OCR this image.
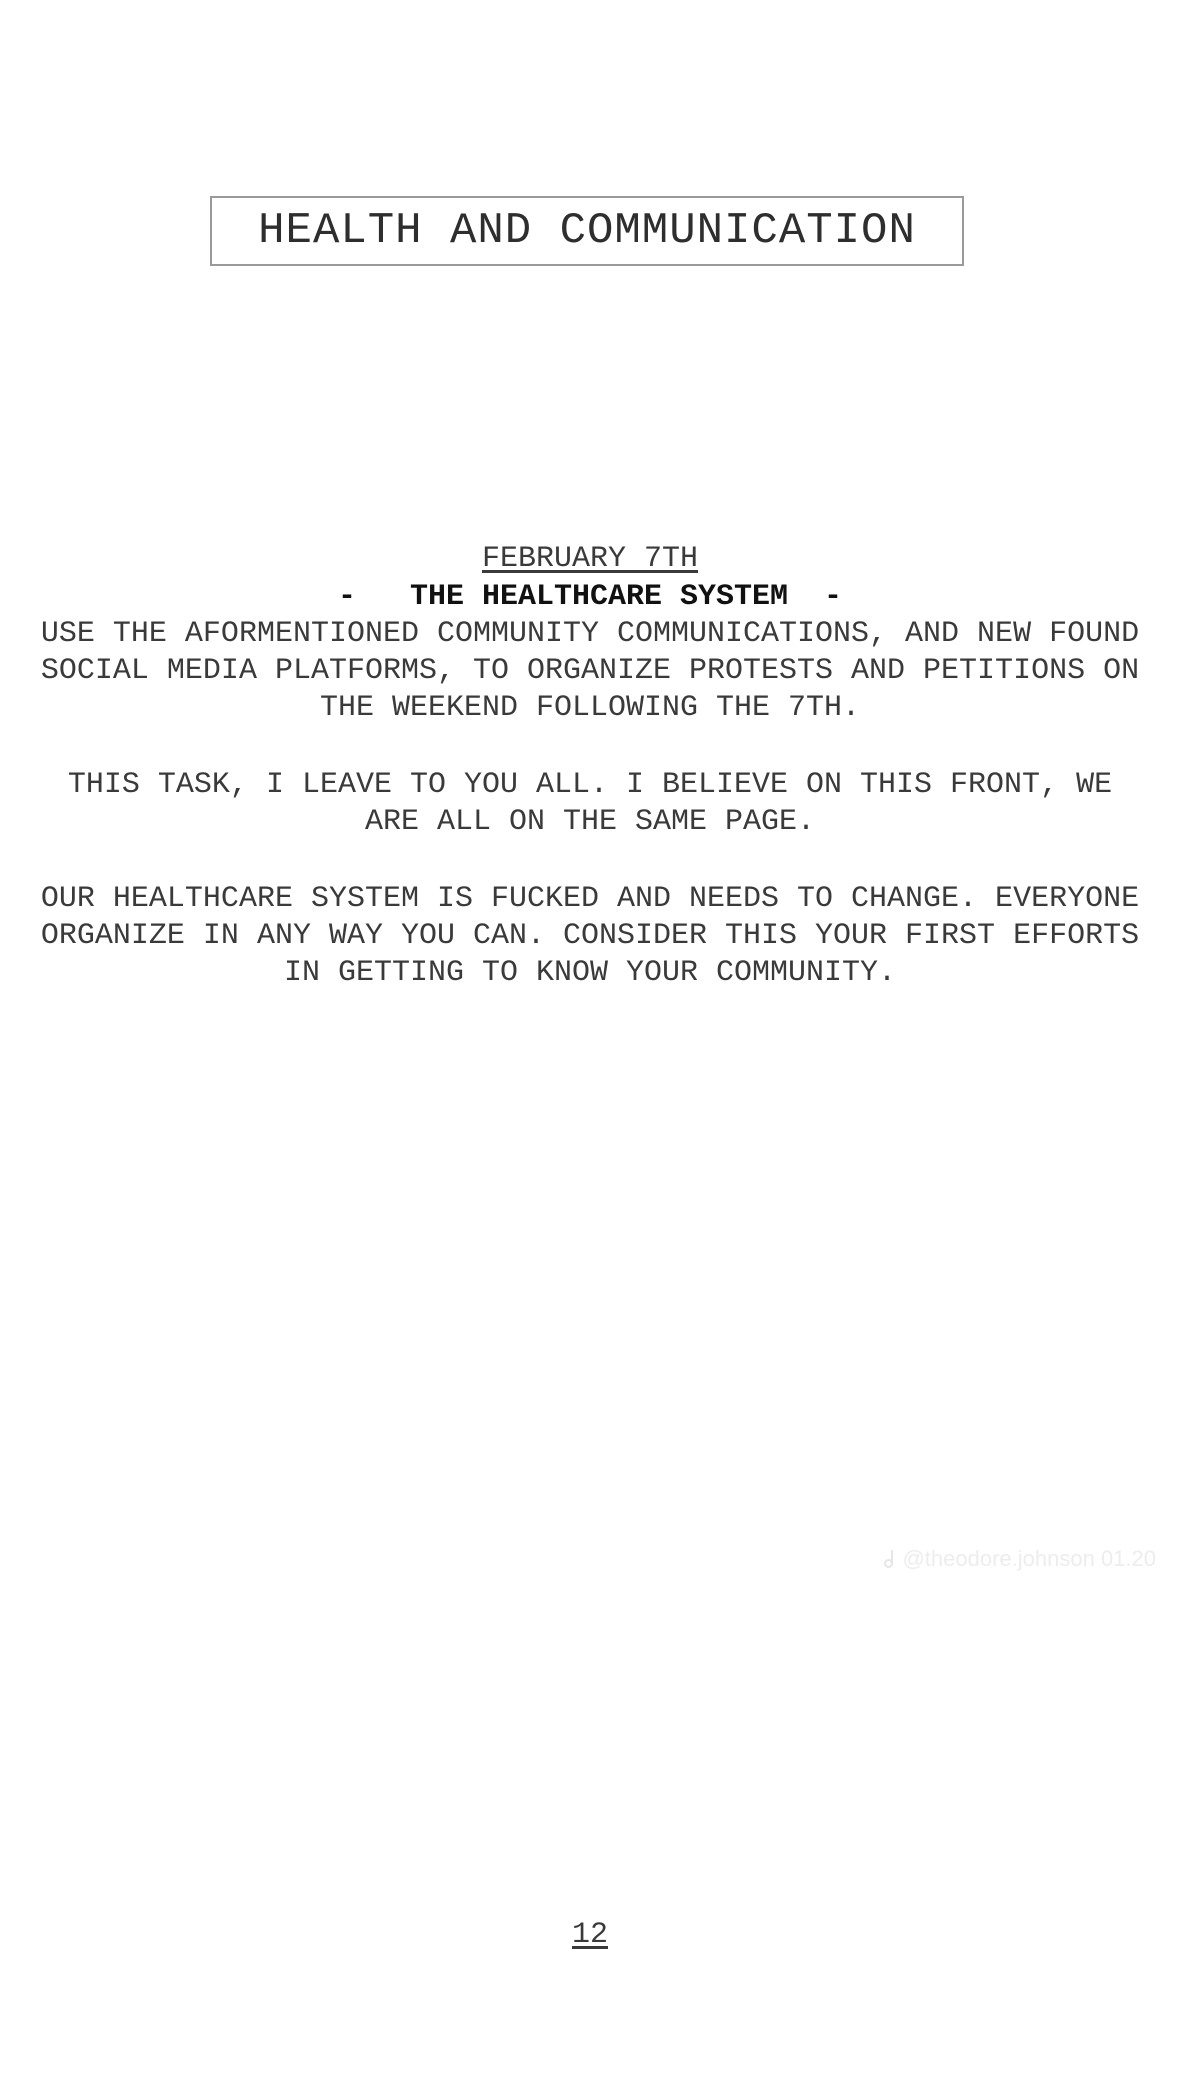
HEALTH AND COMMUNICATION
FEBRUARY 7TH
-   THE HEALTHCARE SYSTEM  -

USE THE AFORMENTIONED COMMUNITY COMMUNICATIONS, AND NEW FOUND SOCIAL MEDIA PLATFORMS, TO ORGANIZE PROTESTS AND PETITIONS ON THE WEEKEND FOLLOWING THE 7TH.

THIS TASK, I LEAVE TO YOU ALL. I BELIEVE ON THIS FRONT, WE ARE ALL ON THE SAME PAGE.

OUR HEALTHCARE SYSTEM IS FUCKED AND NEEDS TO CHANGE. EVERYONE ORGANIZE IN ANY WAY YOU CAN. CONSIDER THIS YOUR FIRST EFFORTS IN GETTING TO KNOW YOUR COMMUNITY.

@theodore.johnson 01.20
12
